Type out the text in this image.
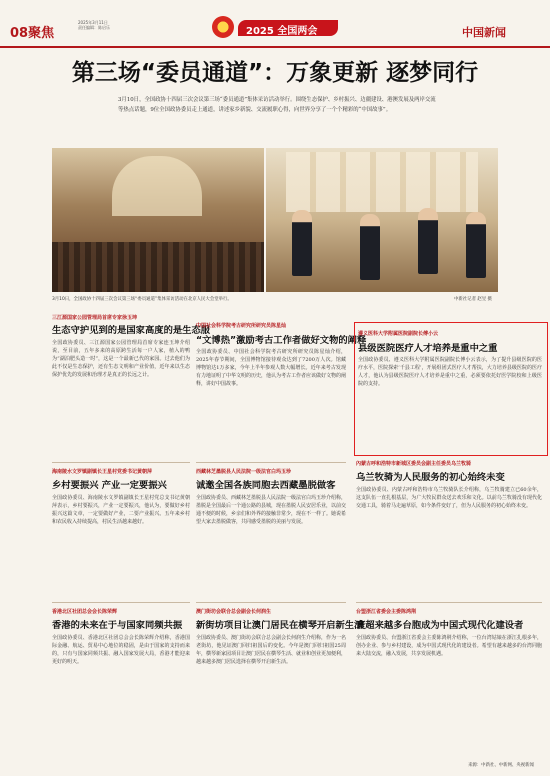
08聚焦
2025年3月11日
责任编辑：陈启乐	2025 全国两会	中国新闻
第三场“委员通道”：万象更新 逐梦同行
3月10日，全国政协十四届三次会议第三场“委员通道”集体采访活动举行。围绕生态保护、乡村振兴、边疆建设、港澳发展及两岸交流等热点话题，9位全国政协委员走上通道，讲述家乡新貌、交流履职心得，向世界分享了一个个精彩的“中国故事”。
3月10日，全国政协十四届三次会议第三场“委员通道”集体采访活动在北京人民大会堂举行。	中新社记者 赵昱 摄
三江源国家公园管理局首席专家徐玉坤
生态守护见到的是国家高度的是生态服
全国政协委员、三江源国家公园管理局首席专家连玉坤介绍说，至目前，五年多来的高原跨生活每一户人家，植入的鸭为“湖泊肥头造一时”，这是一个最新已代的家园。过去他们为此不仅是生态保护，还有生态文明和产业价值，近年来以生态保护优先的发展和治理才是真正的长远之计。
海南陵水文罗镇副镇长王星村党委书记黄朝萍
乡村要振兴 产业一定要振兴
全国政协委员、海南陵水文罗镇副镇长王星村党总支书记黄朝萍表示，乡村要振兴，产业一定要振兴，他认为，要做好乡村振兴这篇文章，一定要做好产业，二要产业振兴。五年来乡村和农民收入持续提高，村民生活越来越好。
香港北区社团总会会长陈荣辉
香港的未来在于与国家同频共振
全国政协委员、香港北区社团总会会长陈荣辉介绍称，香港国际金融、航运、贸易中心地位的稳固，是由于国家的支持而来的，只有与国家同频共振、融入国家发展大局，香港才能迎来更好的明天。
中国社会科学院考古研究所研究员陈星灿
“文博热”激励考古工作者做好文物的阐释
全国政协委员、中国社会科学院考古研究所研究员陈星灿介绍，2025年春节期间，全国博物馆接待观众达到了7200万人次。馆藏博物馆达1万多家，今年上半年参观人数大幅增长。近年来考古发现有力地证明了中华文明的历史，他认为考古工作者应该做好文物的阐释，讲好中国故事。
西藏林芝墨脱县人民法院一级法官白玛玉珍
诚邀全国各族同胞去西藏墨脱做客
全国政协委员、西藏林芝墨脱县人民法院一级法官白玛玉珍介绍称，墨脱是全国最后一个通公路的县城，现在墨脱人民安居乐业，以前交通不便的时候，乡亲们和外界的接触非常少，现在不一样了。她说希望大家去墨脱做客，共同感受墨脱的美丽与发展。
澳门街坊会联合总会副会长何润生
新街坊项目让澳门居民在横琴开启新生活
全国政协委员、澳门街坊会联合总会副会长何润生介绍称，作为一名老街坊，他见证澳门回归祖国后的变化。今年是澳门回归祖国25周年，横琴新家园项目让澳门居民在横琴生活、就业和创业更加便利，越来越多澳门居民选择在横琴开启新生活。
遵义医科大学附属医院副院长傅小云
县级医院医疗人才培养是重中之重
全国政协委员、遵义医科大学附属医院副院长傅小云表示，为了提升县级医院的医疗水平，医院探索‘千县工程’，开展组团式医疗人才帮扶，大力培养县级医院的医疗人才，他认为县级医院医疗人才培养是重中之重，必须要依托好医学院校和上级医院的支持。
內蒙古呼和浩特市新城区委员会副主任委员乌兰牧骑
乌兰牧骑为人民服务的初心始终未变
全国政协委员、内蒙古呼和浩特市乌兰牧骑队长介绍称，乌兰牧骑建立已60余年，这支队伍一直扎根基层，为广大牧民群众送去欢乐和文化。以前乌兰牧骑没有现代化交通工具，骑着马走遍草原，如今条件变好了，但为人民服务的初心始终未变。
台盟浙江省委会主委陈鸿荆
寰超来越多台胞成为中国式现代化建设者
全国政协委员、台盟浙江省委会主委陈鸿荆介绍称，一位台湾姑娘在浙江扎根多年，创办企业、参与乡村建设，成为中国式现代化的建设者。希望有越来越多的台湾同胞来大陆交流，融入发展，共享发展机遇。
来源：中新社、中新网、央视新闻
